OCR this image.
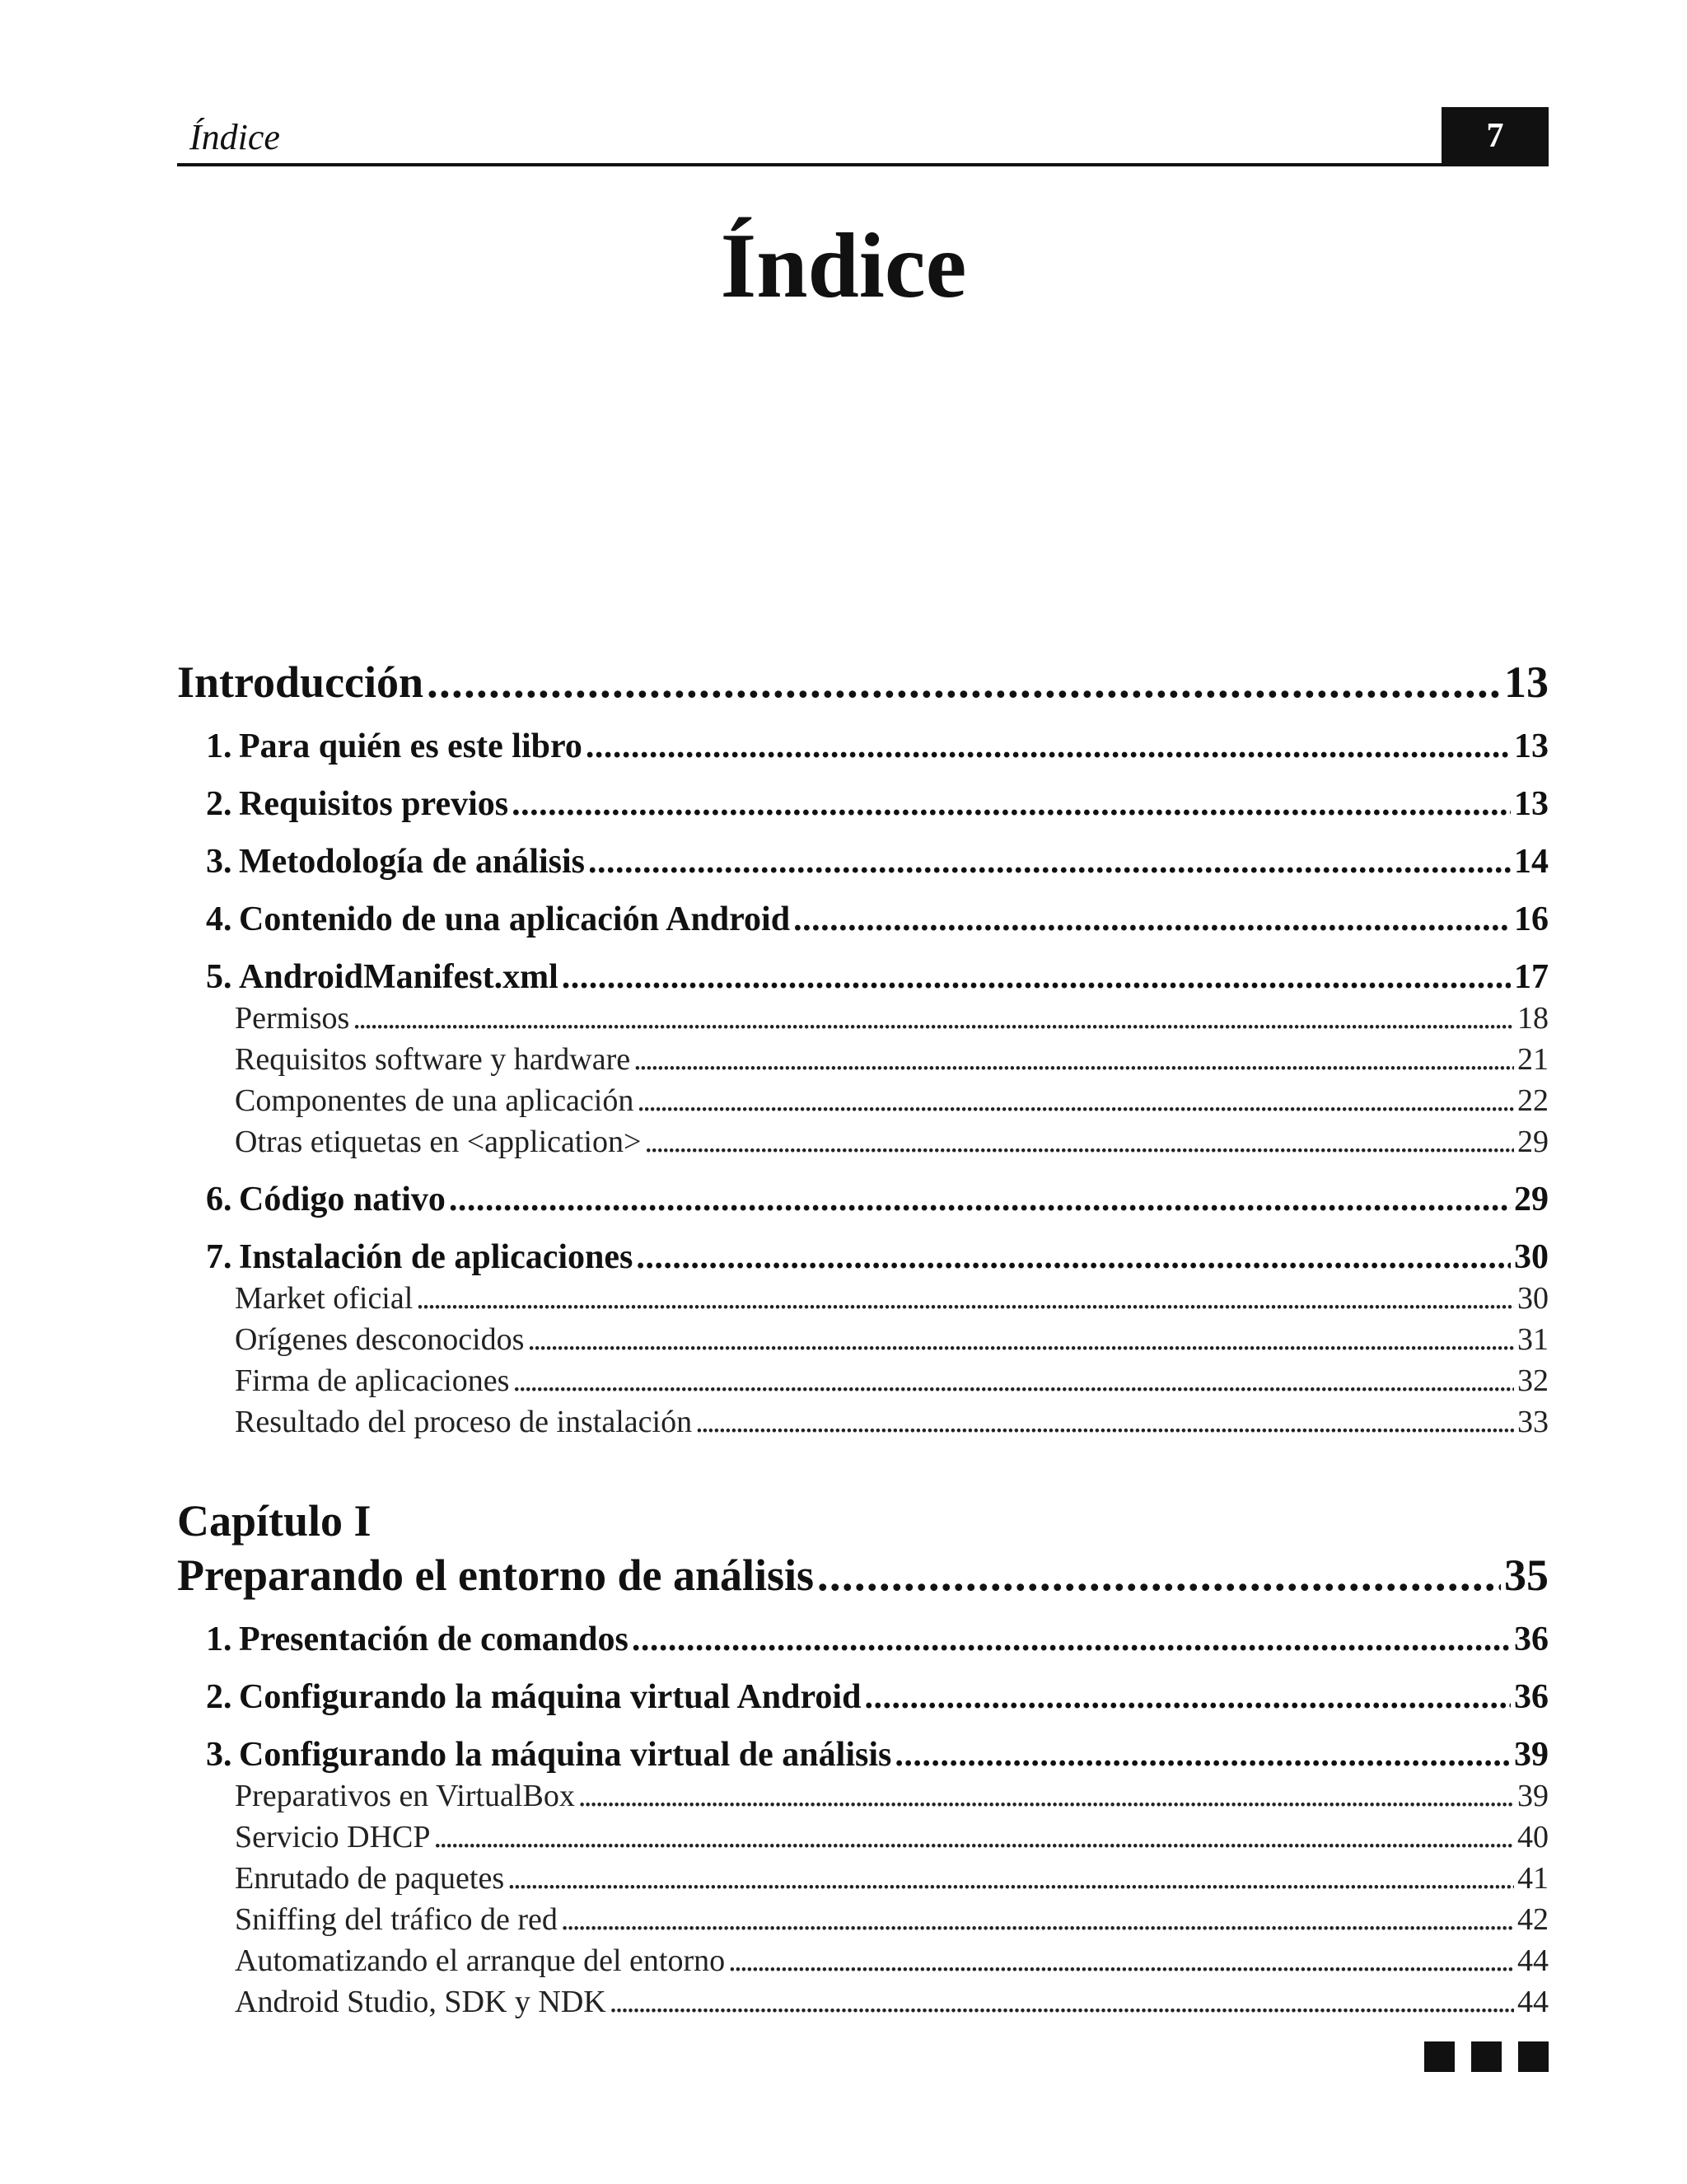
Índice	7
Índice
Introducción . . .	13
1. Para quién es este libro . . .	13
2. Requisitos previos . . .	13
3. Metodología de análisis . . .	14
4. Contenido de una aplicación Android . . .	16
5. AndroidManifest.xml . . .	17
Permisos . . .	18
Requisitos software y hardware . . .	21
Componentes de una aplicación . . .	22
Otras etiquetas en <application> . . .	29
6. Código nativo . . .	29
7. Instalación de aplicaciones . . .	30
Market oficial . . .	30
Orígenes desconocidos . . .	31
Firma de aplicaciones . . .	32
Resultado del proceso de instalación . . .	33
Capítulo I
Preparando el entorno de análisis . . .	35
1. Presentación de comandos . . .	36
2. Configurando la máquina virtual Android . . .	36
3. Configurando la máquina virtual de análisis . . .	39
Preparativos en VirtualBox . . .	39
Servicio DHCP . . .	40
Enrutado de paquetes . . .	41
Sniffing del tráfico de red . . .	42
Automatizando el arranque del entorno . . .	44
Android Studio, SDK y NDK . . .	44
